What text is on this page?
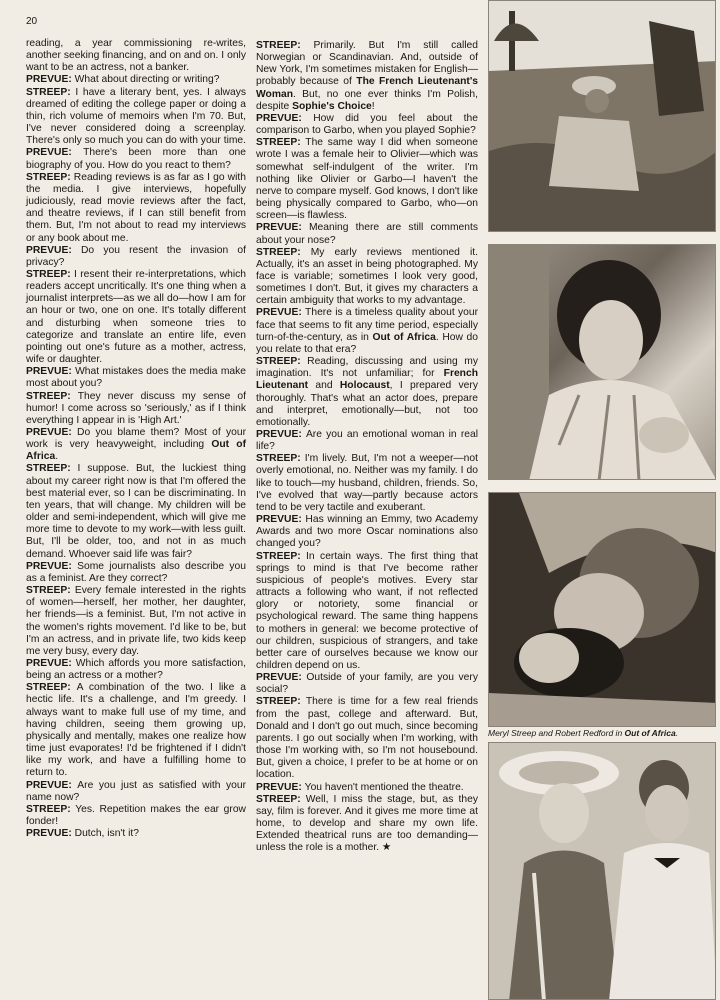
20

reading, a year commissioning re-writes, another seeking financing, and on and on. I only want to be an actress, not a banker.

PREVUE: What about directing or writing?

STREEP: I have a literary bent, yes. I always dreamed of editing the college paper or doing a thin, rich volume of memoirs when I'm 70. But, I've never considered doing a screenplay. There's only so much you can do with your time.

PREVUE: There's been more than one biography of you. How do you react to them?

STREEP: Reading reviews is as far as I go with the media. I give interviews, hopefully judiciously, read movie reviews after the fact, and theatre reviews, if I can still benefit from them. But, I'm not about to read my interviews or any book about me.

PREVUE: Do you resent the invasion of privacy?

STREEP: I resent their re-interpretations, which readers accept uncritically. It's one thing when a journalist interprets—as we all do—how I am for an hour or two, one on one. It's totally different and disturbing when someone tries to categorize and translate an entire life, even pointing out one's future as a mother, actress, wife or daughter.

PREVUE: What mistakes does the media make most about you?

STREEP: They never discuss my sense of humor! I come across so 'seriously,' as if I think everything I appear in is 'High Art.'

PREVUE: Do you blame them? Most of your work is very heavyweight, including Out of Africa.

STREEP: I suppose. But, the luckiest thing about my career right now is that I'm offered the best material ever, so I can be discriminating. In ten years, that will change. My children will be older and semi-independent, which will give me more time to devote to my work—with less guilt. But, I'll be older, too, and not in as much demand. Whoever said life was fair?

PREVUE: Some journalists also describe you as a feminist. Are they correct?

STREEP: Every female interested in the rights of women—herself, her mother, her daughter, her friends—is a feminist. But, I'm not active in the women's rights movement. I'd like to be, but I'm an actress, and in private life, two kids keep me very busy, every day.

PREVUE: Which affords you more satisfaction, being an actress or a mother?

STREEP: A combination of the two. I like a hectic life. It's a challenge, and I'm greedy. I always want to make full use of my time, and having children, seeing them growing up, physically and mentally, makes one realize how time just evaporates! I'd be frightened if I didn't like my work, and have a fulfilling home to return to.

PREVUE: Are you just as satisfied with your name now?

STREEP: Yes. Repetition makes the ear grow fonder!

PREVUE: Dutch, isn't it?

STREEP: Primarily. But I'm still called Norwegian or Scandinavian. And, outside of New York, I'm sometimes mistaken for English—probably because of The French Lieutenant's Woman. But, no one ever thinks I'm Polish, despite Sophie's Choice!

PREVUE: How did you feel about the comparison to Garbo, when you played Sophie?

STREEP: The same way I did when someone wrote I was a female heir to Olivier—which was somewhat self-indulgent of the writer. I'm nothing like Olivier or Garbo—I haven't the nerve to compare myself. God knows, I don't like being physically compared to Garbo, who—on screen—is flawless.

PREVUE: Meaning there are still comments about your nose?

STREEP: My early reviews mentioned it. Actually, it's an asset in being photographed. My face is variable; sometimes I look very good, sometimes I don't. But, it gives my characters a certain ambiguity that works to my advantage.

PREVUE: There is a timeless quality about your face that seems to fit any time period, especially turn-of-the-century, as in Out of Africa. How do you relate to that era?

STREEP: Reading, discussing and using my imagination. It's not unfamiliar; for French Lieutenant and Holocaust, I prepared very thoroughly. That's what an actor does, prepare and interpret, emotionally—but, not too emotionally.

PREVUE: Are you an emotional woman in real life?

STREEP: I'm lively. But, I'm not a weeper—not overly emotional, no. Neither was my family. I do like to touch—my husband, children, friends. So, I've evolved that way—partly because actors tend to be very tactile and exuberant.

PREVUE: Has winning an Emmy, two Academy Awards and two more Oscar nominations also changed you?

STREEP: In certain ways. The first thing that springs to mind is that I've become rather suspicious of people's motives. Every star attracts a following who want, if not reflected glory or notoriety, some financial or psychological reward. The same thing happens to mothers in general: we become protective of our children, suspicious of strangers, and take better care of ourselves because we know our children depend on us.

PREVUE: Outside of your family, are you very social?

STREEP: There is time for a few real friends from the past, college and afterward. But, Donald and I don't go out much, since becoming parents. I go out socially when I'm working, with those I'm working with, so I'm not housebound. But, given a choice, I prefer to be at home or on location.

PREVUE: You haven't mentioned the theatre.

STREEP: Well, I miss the stage, but, as they say, film is forever. And it gives me more time at home, to develop and share my own life. Extended theatrical runs are too demanding—unless the role is a mother. ★

Meryl Streep and Robert Redford in Out of Africa.
